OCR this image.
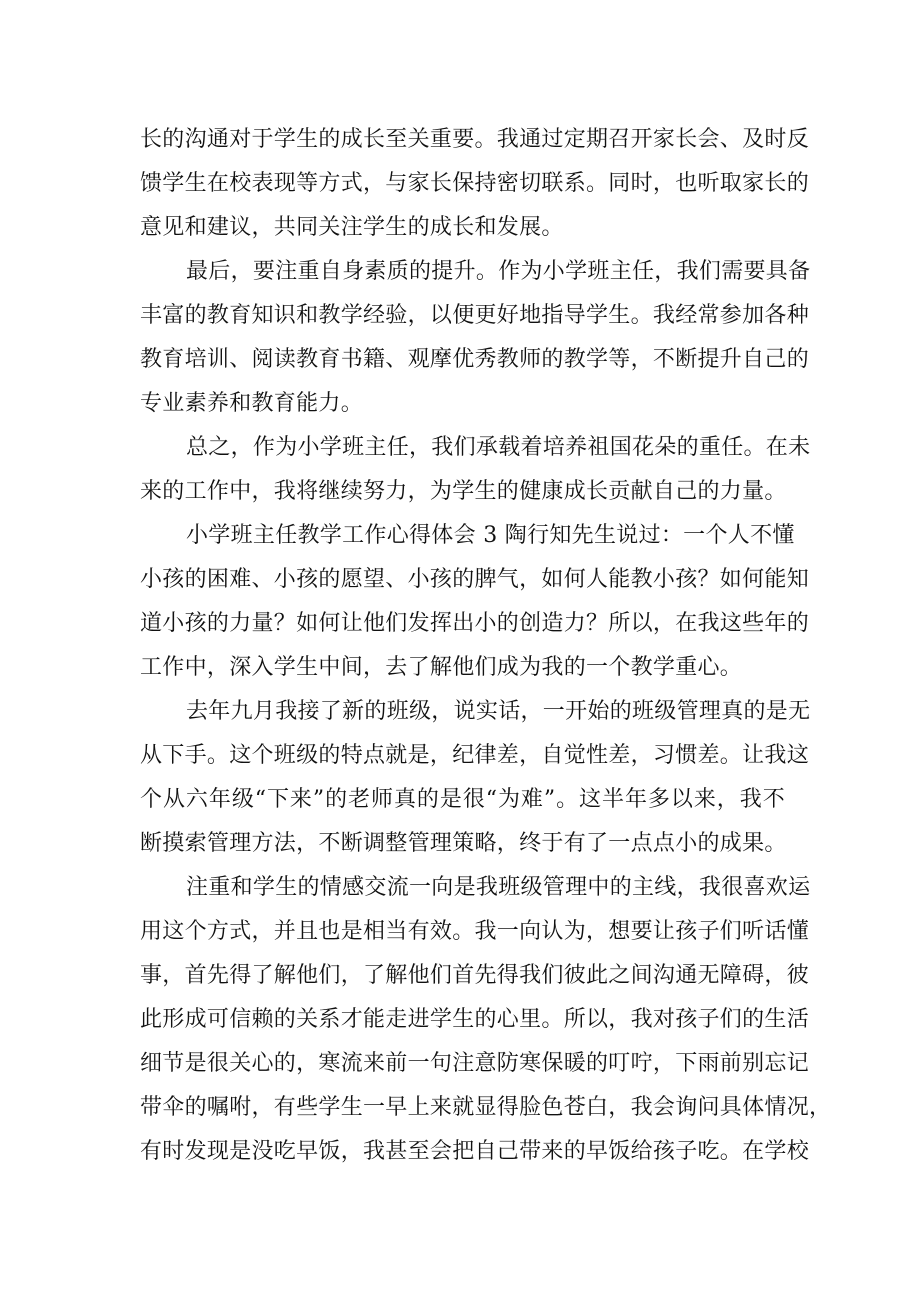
长的沟通对于学生的成长至关重要。我通过定期召开家长会、及时反
馈学生在校表现等方式，与家长保持密切联系。同时，也听取家长的
意见和建议，共同关注学生的成长和发展。
最后，要注重自身素质的提升。作为小学班主任，我们需要具备
丰富的教育知识和教学经验，以便更好地指导学生。我经常参加各种
教育培训、阅读教育书籍、观摩优秀教师的教学等，不断提升自己的
专业素养和教育能力。
总之，作为小学班主任，我们承载着培养祖国花朵的重任。在未
来的工作中，我将继续努力，为学生的健康成长贡献自己的力量。
小学班主任教学工作心得体会 3 陶行知先生说过：一个人不懂
小孩的困难、小孩的愿望、小孩的脾气，如何人能教小孩？如何能知
道小孩的力量？如何让他们发挥出小的创造力？所以，在我这些年的
工作中，深入学生中间，去了解他们成为我的一个教学重心。
去年九月我接了新的班级，说实话，一开始的班级管理真的是无
从下手。这个班级的特点就是，纪律差，自觉性差，习惯差。让我这
个从六年级“下来”的老师真的是很“为难”。这半年多以来，我不
断摸索管理方法，不断调整管理策略，终于有了一点点小的成果。
注重和学生的情感交流一向是我班级管理中的主线，我很喜欢运
用这个方式，并且也是相当有效。我一向认为，想要让孩子们听话懂
事，首先得了解他们，了解他们首先得我们彼此之间沟通无障碍，彼
此形成可信赖的关系才能走进学生的心里。所以，我对孩子们的生活
细节是很关心的，寒流来前一句注意防寒保暖的叮咛，下雨前别忘记
带伞的嘱咐，有些学生一早上来就显得脸色苍白，我会询问具体情况，
有时发现是没吃早饭，我甚至会把自己带来的早饭给孩子吃。在学校
